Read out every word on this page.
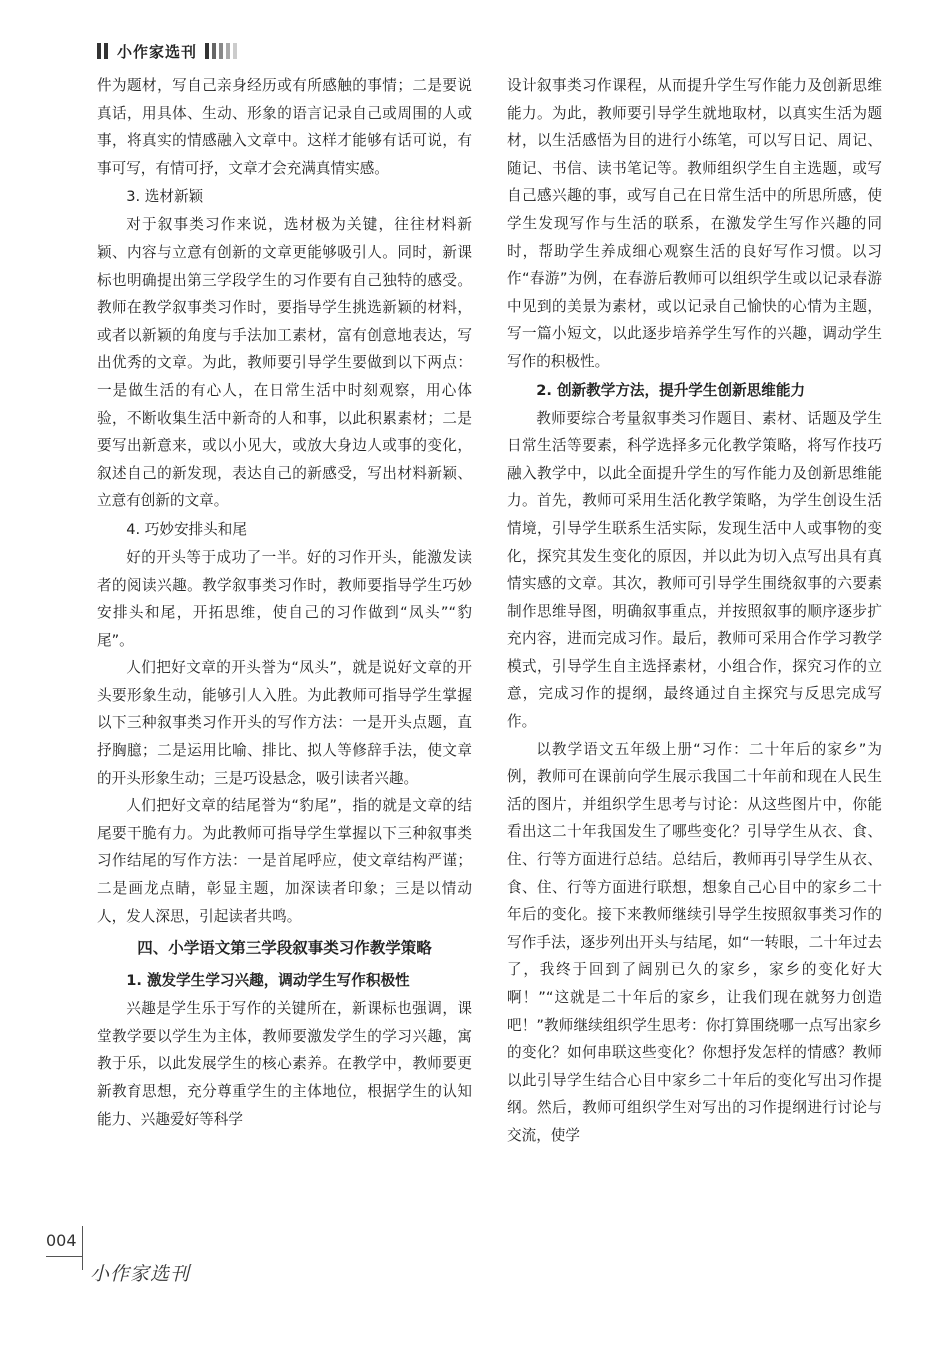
小作家选刊

件为题材，写自己亲身经历或有所感触的事情；二是要说真话，用具体、生动、形象的语言记录自己或周围的人或事，将真实的情感融入文章中。这样才能够有话可说，有事可写，有情可抒，文章才会充满真情实感。

3. 选材新颖

对于叙事类习作来说，选材极为关键，往往材料新颖、内容与立意有创新的文章更能够吸引人。同时，新课标也明确提出第三学段学生的习作要有自己独特的感受。教师在教学叙事类习作时，要指导学生挑选新颖的材料，或者以新颖的角度与手法加工素材，富有创意地表达，写出优秀的文章。为此，教师要引导学生要做到以下两点：一是做生活的有心人，在日常生活中时刻观察，用心体验，不断收集生活中新奇的人和事，以此积累素材；二是要写出新意来，或以小见大，或放大身边人或事的变化，叙述自己的新发现，表达自己的新感受，写出材料新颖、立意有创新的文章。

4. 巧妙安排头和尾

好的开头等于成功了一半。好的习作开头，能激发读者的阅读兴趣。教学叙事类习作时，教师要指导学生巧妙安排头和尾，开拓思维，使自己的习作做到“凤头”“豹尾”。

人们把好文章的开头誉为“凤头”，就是说好文章的开头要形象生动，能够引人入胜。为此教师可指导学生掌握以下三种叙事类习作开头的写作方法：一是开头点题，直抒胸臆；二是运用比喻、排比、拟人等修辞手法，使文章的开头形象生动；三是巧设悬念，吸引读者兴趣。

人们把好文章的结尾誉为“豹尾”，指的就是文章的结尾要干脆有力。为此教师可指导学生掌握以下三种叙事类习作结尾的写作方法：一是首尾呼应，使文章结构严谨；二是画龙点睛，彰显主题，加深读者印象；三是以情动人，发人深思，引起读者共鸣。

四、小学语文第三学段叙事类习作教学策略
1. 激发学生学习兴趣，调动学生写作积极性

兴趣是学生乐于写作的关键所在，新课标也强调，课堂教学要以学生为主体，教师要激发学生的学习兴趣，寓教于乐，以此发展学生的核心素养。在教学中，教师要更新教育思想，充分尊重学生的主体地位，根据学生的认知能力、兴趣爱好等科学

设计叙事类习作课程，从而提升学生写作能力及创新思维能力。为此，教师要引导学生就地取材，以真实生活为题材，以生活感悟为目的进行小练笔，可以写日记、周记、随记、书信、读书笔记等。教师组织学生自主选题，或写自己感兴趣的事，或写自己在日常生活中的所思所感，使学生发现写作与生活的联系，在激发学生写作兴趣的同时，帮助学生养成细心观察生活的良好写作习惯。以习作“春游”为例，在春游后教师可以组织学生或以记录春游中见到的美景为素材，或以记录自己愉快的心情为主题，写一篇小短文，以此逐步培养学生写作的兴趣，调动学生写作的积极性。

2. 创新教学方法，提升学生创新思维能力

教师要综合考量叙事类习作题目、素材、话题及学生日常生活等要素，科学选择多元化教学策略，将写作技巧融入教学中，以此全面提升学生的写作能力及创新思维能力。首先，教师可采用生活化教学策略，为学生创设生活情境，引导学生联系生活实际，发现生活中人或事物的变化，探究其发生变化的原因，并以此为切入点写出具有真情实感的文章。其次，教师可引导学生围绕叙事的六要素制作思维导图，明确叙事重点，并按照叙事的顺序逐步扩充内容，进而完成习作。最后，教师可采用合作学习教学模式，引导学生自主选择素材，小组合作，探究习作的立意，完成习作的提纲，最终通过自主探究与反思完成写作。

以教学语文五年级上册“习作：二十年后的家乡”为例，教师可在课前向学生展示我国二十年前和现在人民生活的图片，并组织学生思考与讨论：从这些图片中，你能看出这二十年我国发生了哪些变化？引导学生从衣、食、住、行等方面进行总结。总结后，教师再引导学生从衣、食、住、行等方面进行联想，想象自己心目中的家乡二十年后的变化。接下来教师继续引导学生按照叙事类习作的写作手法，逐步列出开头与结尾，如“一转眼，二十年过去了，我终于回到了阔别已久的家乡，家乡的变化好大啊！”“这就是二十年后的家乡，让我们现在就努力创造吧！”教师继续组织学生思考：你打算围绕哪一点写出家乡的变化？如何串联这些变化？你想抒发怎样的情感？教师以此引导学生结合心目中家乡二十年后的变化写出习作提纲。然后，教师可组织学生对写出的习作提纲进行讨论与交流，使学

004
小作家选刊
